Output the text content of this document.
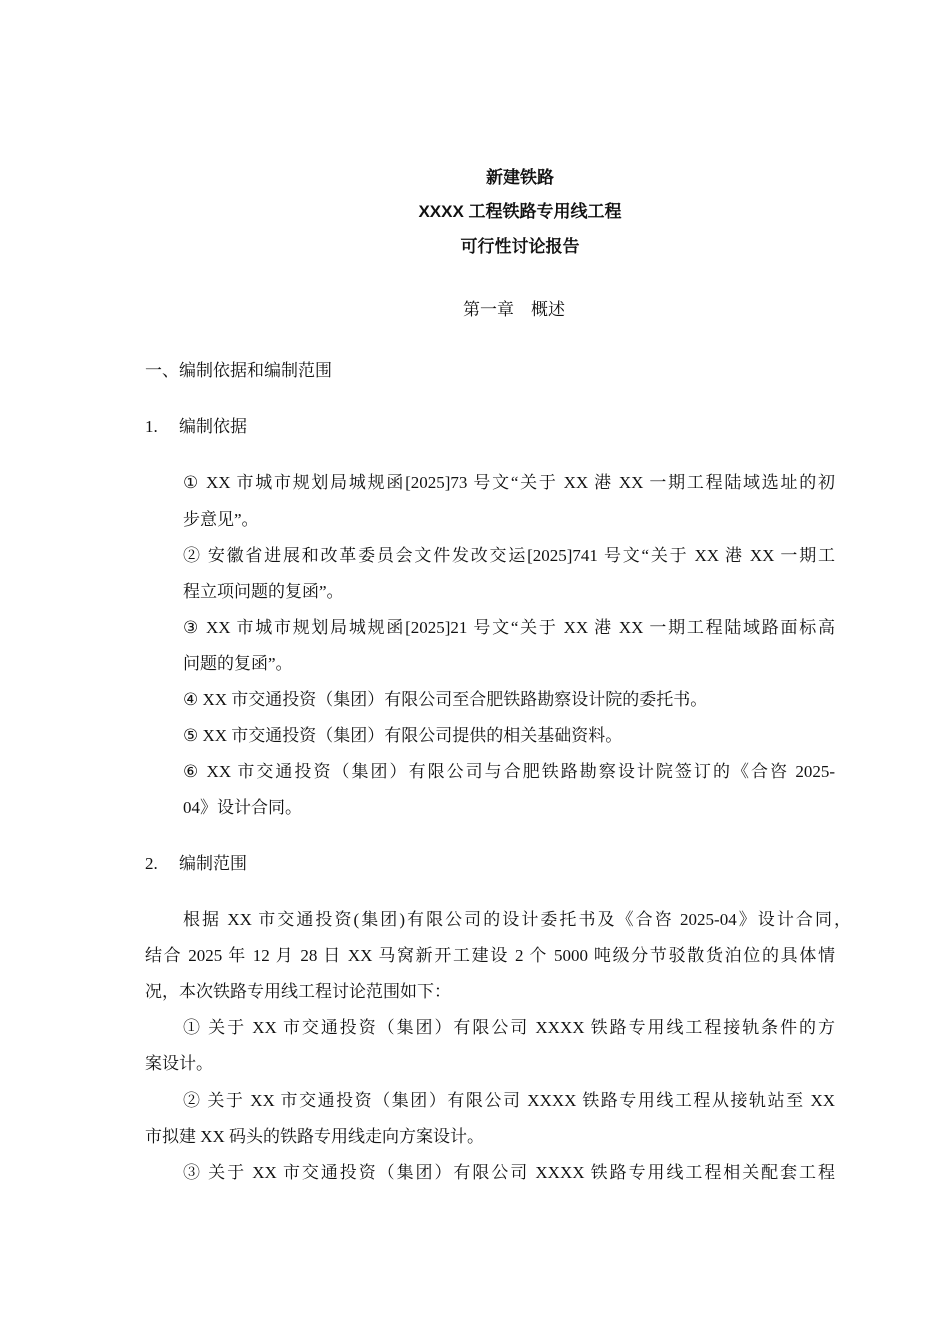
新建铁路
XXXX 工程铁路专用线工程
可行性讨论报告
第一章　概述
一、编制依据和编制范围
1. 编制依据
① XX 市城市规划局城规函[2025]73 号文“关于 XX 港 XX 一期工程陆域选址的初
步意见”。
② 安徽省进展和改革委员会文件发改交运[2025]741 号文“关于 XX 港 XX 一期工
程立项问题的复函”。
③ XX 市城市规划局城规函[2025]21 号文“关于 XX 港 XX 一期工程陆域路面标高
问题的复函”。
④ XX 市交通投资（集团）有限公司至合肥铁路勘察设计院的委托书。
⑤ XX 市交通投资（集团）有限公司提供的相关基础资料。
⑥ XX 市交通投资（集团）有限公司与合肥铁路勘察设计院签订的《合咨 2025-
04》设计合同。
2. 编制范围
根据 XX 市交通投资(集团)有限公司的设计委托书及《合咨 2025-04》设计合同，
结合 2025 年 12 月 28 日 XX 马窝新开工建设 2 个 5000 吨级分节驳散货泊位的具体情
况，本次铁路专用线工程讨论范围如下：
① 关于 XX 市交通投资（集团）有限公司 XXXX 铁路专用线工程接轨条件的方
案设计。
② 关于 XX 市交通投资（集团）有限公司 XXXX 铁路专用线工程从接轨站至 XX
市拟建 XX 码头的铁路专用线走向方案设计。
③ 关于 XX 市交通投资（集团）有限公司 XXXX 铁路专用线工程相关配套工程
